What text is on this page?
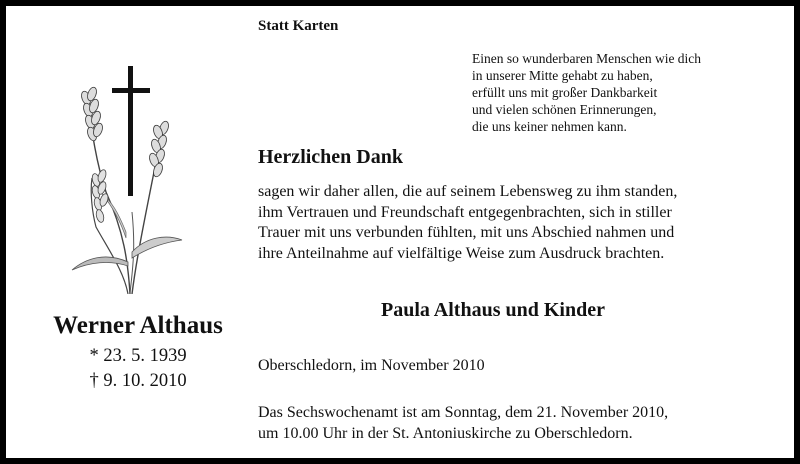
Statt Karten
Einen so wunderbaren Menschen wie dich
in unserer Mitte gehabt zu haben,
erfüllt uns mit großer Dankbarkeit
und vielen schönen Erinnerungen,
die uns keiner nehmen kann.
Herzlichen Dank
sagen wir daher allen, die auf seinem Lebensweg zu ihm standen,
ihm Vertrauen und Freundschaft entgegenbrachten, sich in stiller
Trauer mit uns verbunden fühlten, mit uns Abschied nahmen und
ihre Anteilnahme auf vielfältige Weise zum Ausdruck brachten.
Paula Althaus und Kinder
Oberschledorn, im November 2010
Das Sechswochenamt ist am Sonntag, dem 21. November 2010,
um 10.00 Uhr in der St. Antoniuskirche zu Oberschledorn.
Werner Althaus
* 23. 5. 1939
† 9. 10. 2010
